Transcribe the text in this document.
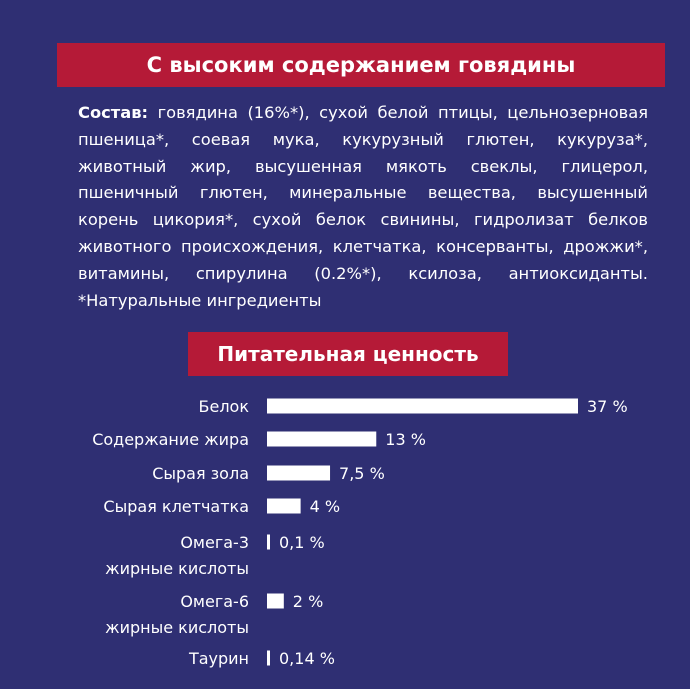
С высоким содержанием говядины

Состав: говядина (16%*), сухой белой птицы, цельнозерновая пшеница*, соевая мука, кукурузный глютен, кукуруза*, животный жир, высушенная мякоть свеклы, глицерол, пшеничный глютен, минеральные вещества, высушенный корень цикория*, сухой белок свинины, гидролизат белков животного происхождения, клетчатка, консерванты, дрожжи*, витамины, спирулина (0.2%*), ксилоза, антиоксиданты. *Натуральные ингредиенты

Питательная ценность
Белок
Содержание жира
Сырая зола
Сырая клетчатка
Омега-3
жирные кислоты
Омега-6
жирные кислоты
Таурин
37 %
13 %
7,5 %
4 %
0,1 %
2 %
0,14 %
